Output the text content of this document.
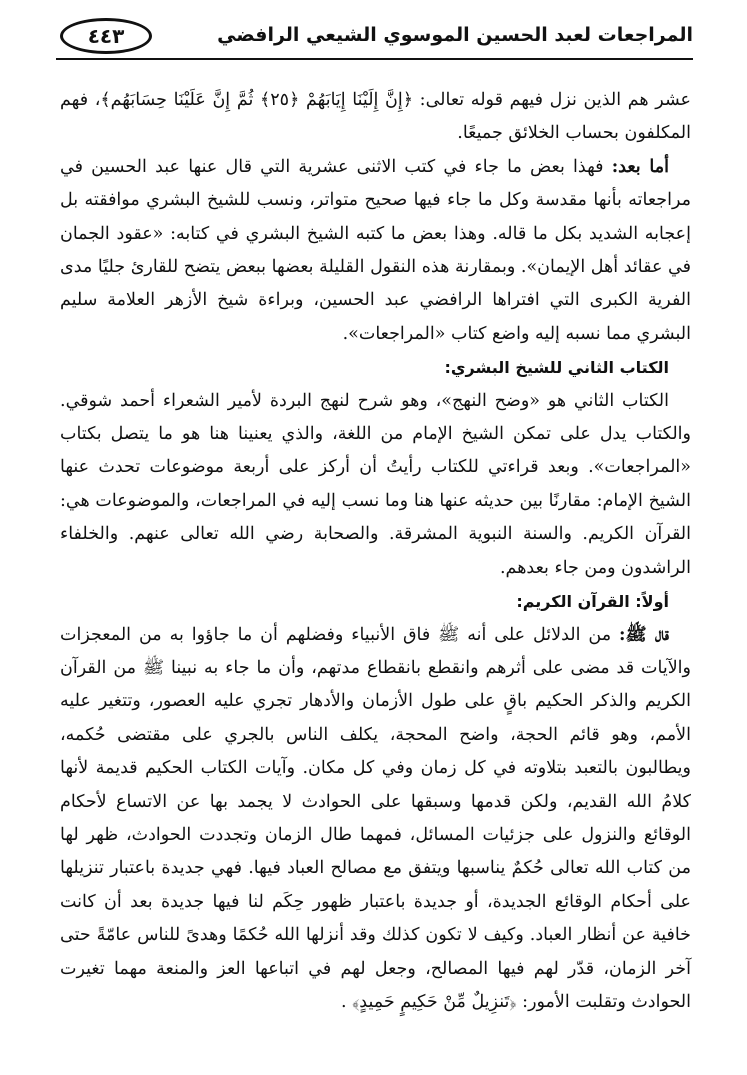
المراجعات لعبد الحسين الموسوي الشيعي الرافضي
٤٤٣

عشر هم الذين نزل فيهم قوله تعالى: ﴿إِنَّ إِلَيْنَا إِيَابَهُمْ ﴿٢٥﴾ ثُمَّ إِنَّ عَلَيْنَا حِسَابَهُم﴾، فهم المكلفون بحساب الخلائق جميعًا.

أما بعد: فهذا بعض ما جاء في كتب الاثنى عشرية التي قال عنها عبد الحسين في مراجعاته بأنها مقدسة وكل ما جاء فيها صحيح متواتر، ونسب للشيخ البشري موافقته بل إعجابه الشديد بكل ما قاله. وهذا بعض ما كتبه الشيخ البشري في كتابه: «عقود الجمان في عقائد أهل الإيمان». وبمقارنة هذه النقول القليلة بعضها ببعض يتضح للقارئ جليًا مدى الفرية الكبرى التي افتراها الرافضي عبد الحسين، وبراءة شيخ الأزهر العلامة سليم البشري مما نسبه إليه واضع كتاب «المراجعات».

الكتاب الثاني للشيخ البشري:

الكتاب الثاني هو «وضح النهج»، وهو شرح لنهج البردة لأمير الشعراء أحمد شوقي. والكتاب يدل على تمكن الشيخ الإمام من اللغة، والذي يعنينا هنا هو ما يتصل بكتاب «المراجعات». وبعد قراءتي للكتاب رأيتُ أن أركز على أربعة موضوعات تحدث عنها الشيخ الإمام: مقارنًا بين حديثه عنها هنا وما نسب إليه في المراجعات، والموضوعات هي: القرآن الكريم. والسنة النبوية المشرقة. والصحابة رضي الله تعالى عنهم. والخلفاء الراشدون ومن جاء بعدهم.

أولاً: القرآن الكريم:

قال ﷺ: من الدلائل على أنه ﷺ فاق الأنبياء وفضلهم أن ما جاؤوا به من المعجزات والآيات قد مضى على أثرهم وانقطع بانقطاع مدتهم، وأن ما جاء به نبينا ﷺ من القرآن الكريم والذكر الحكيم باقٍ على طول الأزمان والأدهار تجري عليه العصور، وتتغير عليه الأمم، وهو قائم الحجة، واضح المحجة، يكلف الناس بالجري على مقتضى حُكمه، ويطالبون بالتعبد بتلاوته في كل زمان وفي كل مكان. وآيات الكتاب الحكيم قديمة لأنها كلامُ الله القديم، ولكن قدمها وسبقها على الحوادث لا يجمد بها عن الاتساع لأحكام الوقائع والنزول على جزئيات المسائل، فمهما طال الزمان وتجددت الحوادث، ظهر لها من كتاب الله تعالى حُكمٌ يناسبها ويتفق مع مصالح العباد فيها. فهي جديدة باعتبار تنزيلها على أحكام الوقائع الجديدة، أو جديدة باعتبار ظهور حِكَم لنا فيها جديدة بعد أن كانت خافية عن أنظار العباد. وكيف لا تكون كذلك وقد أنزلها الله حُكمًا وهدىً للناس عامّةً حتى آخر الزمان، قدّر لهم فيها المصالح، وجعل لهم في اتباعها العز والمنعة مهما تغيرت الحوادث وتقلبت الأمور: ﴿تَنزِيلٌ مِّنْ حَكِيمٍ حَمِيدٍ﴾ .
